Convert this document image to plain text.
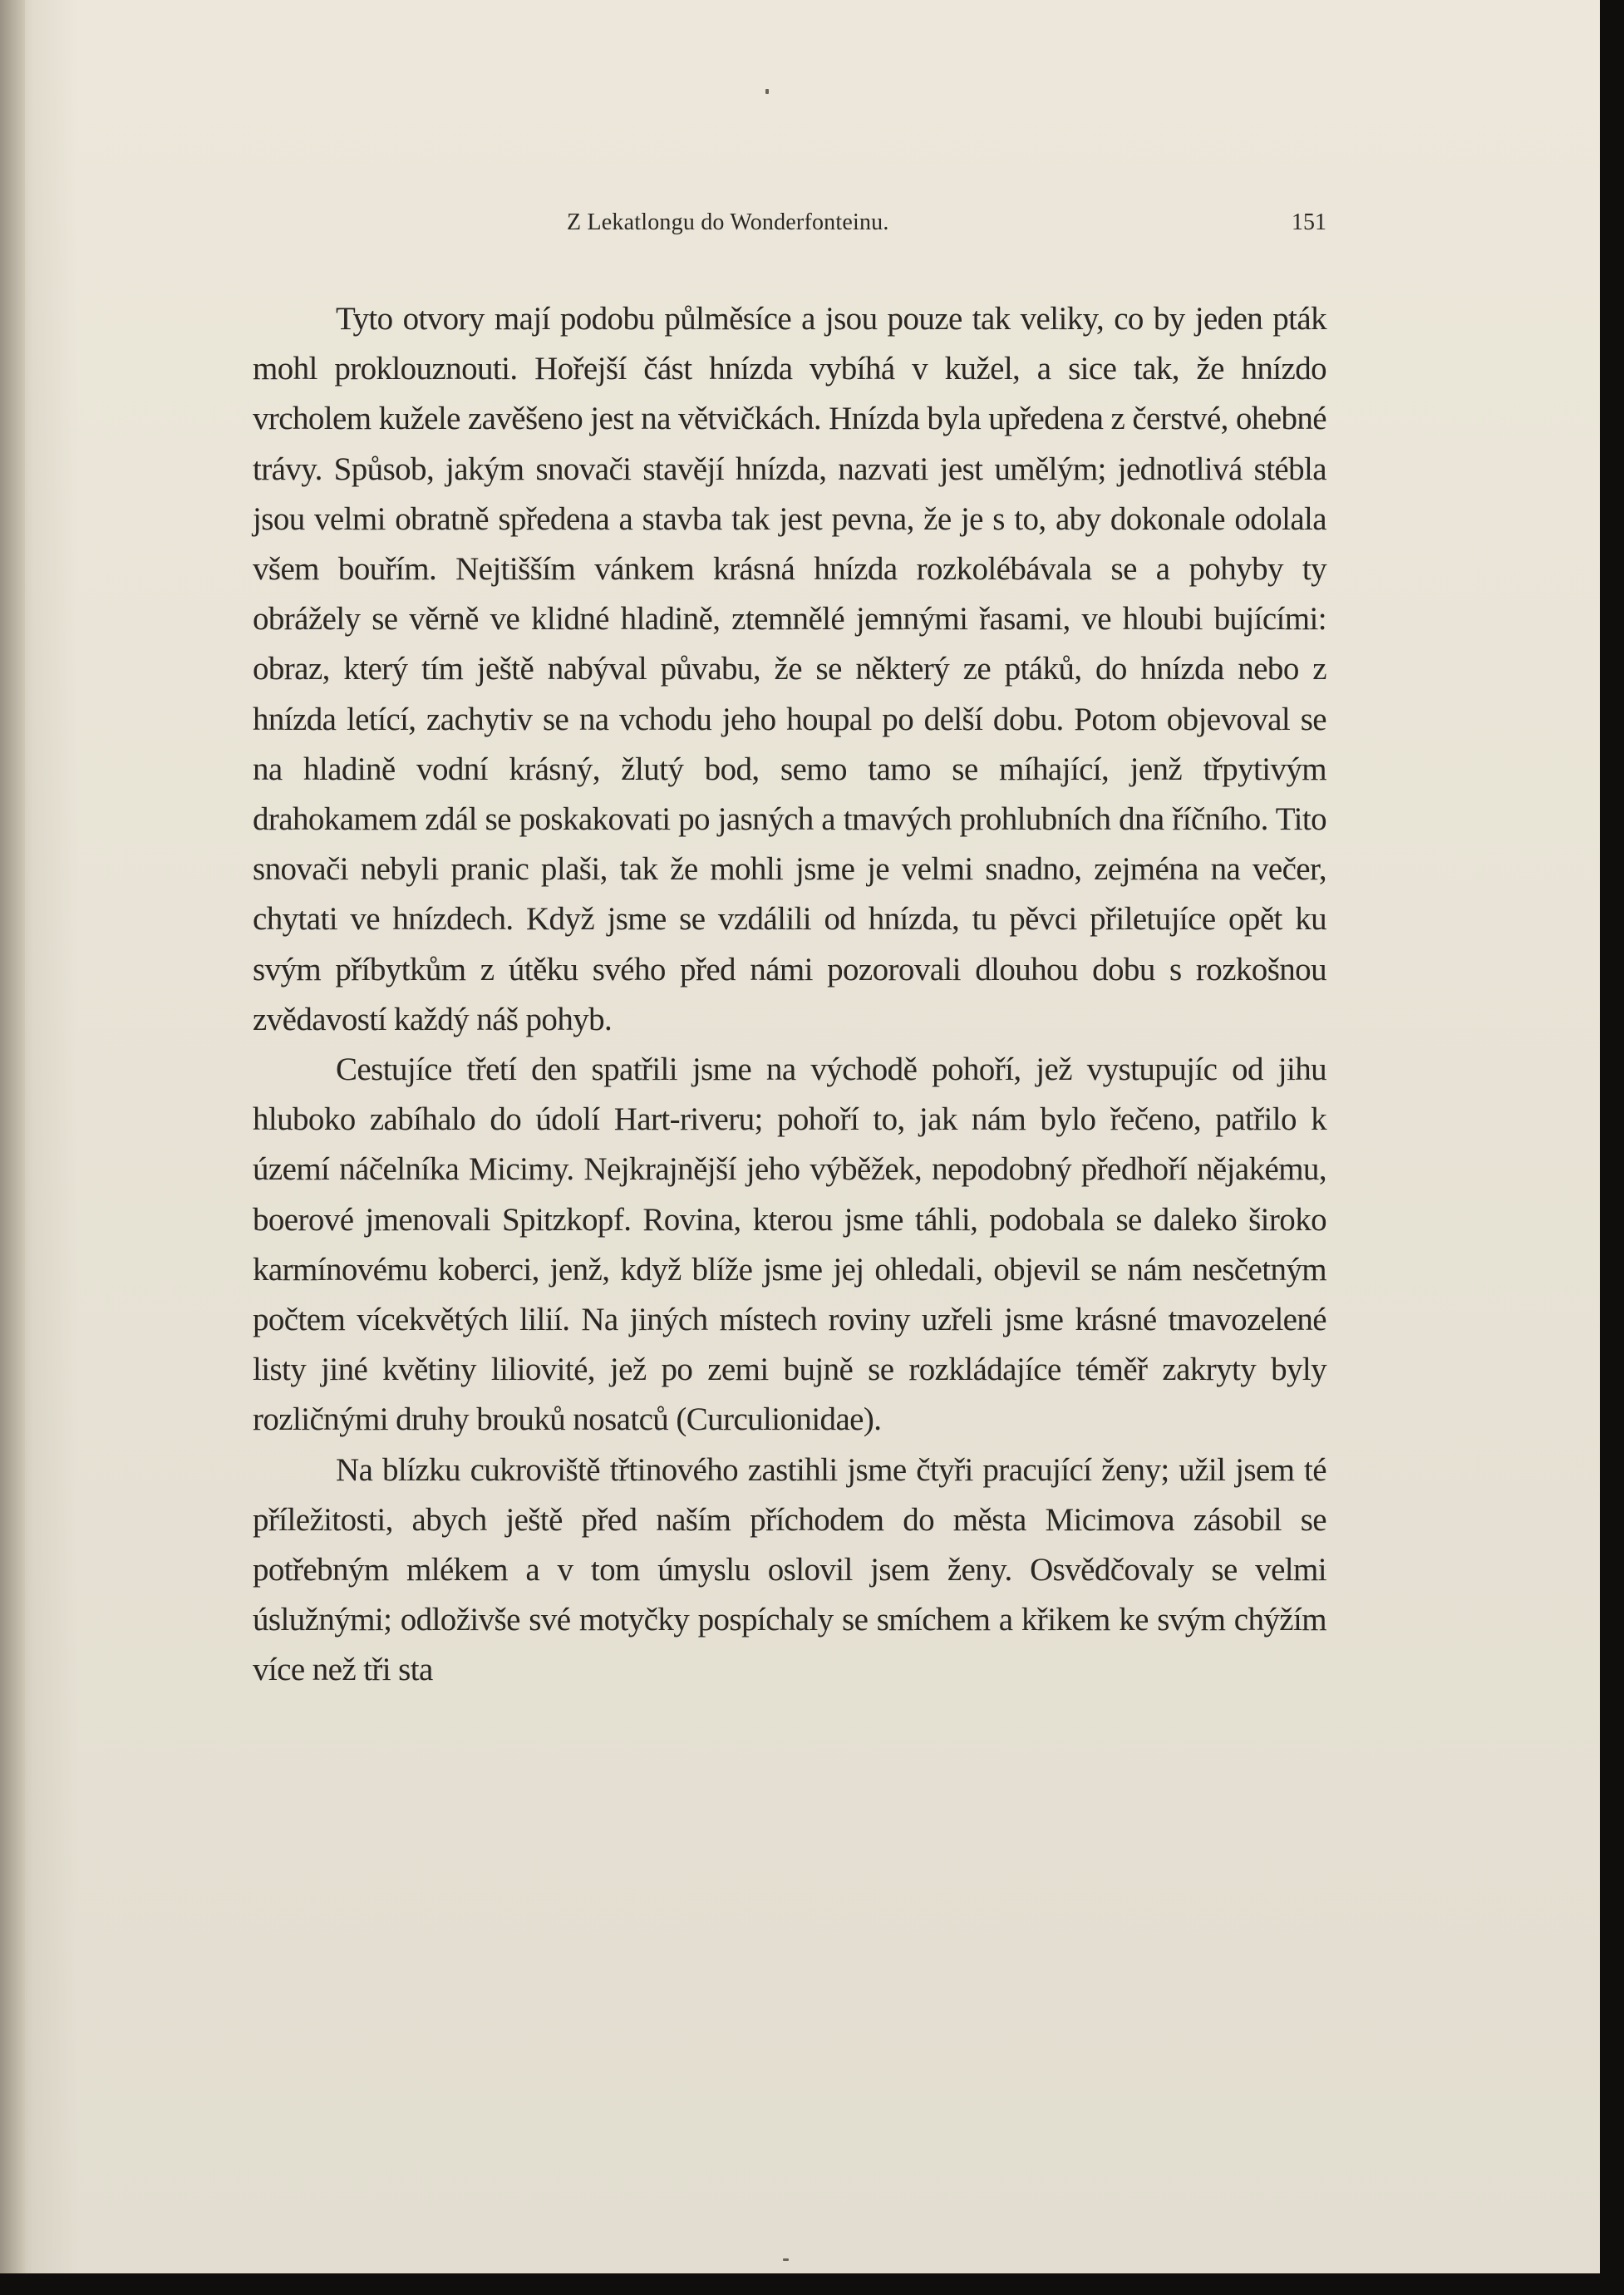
Z Lekatlongu do Wonderfonteinu.	151

Tyto otvory mají podobu půlměsíce a jsou pouze tak veliky, co by jeden pták mohl proklouznouti. Hořejší část hnízda vybíhá v kužel, a sice tak, že hnízdo vrcholem kužele zavěšeno jest na větvičkách. Hnízda byla upředena z čerstvé, ohebné trávy. Spůsob, jakým snovači stavějí hnízda, nazvati jest umělým; jednotlivá stébla jsou velmi obratně spředena a stavba tak jest pevna, že je s to, aby dokonale odolala všem bouřím. Nejtišším vánkem krásná hnízda rozkolébávala se a pohyby ty obrážely se věrně ve klidné hladině, ztemnělé jemnými řasami, ve hloubi bujícími: obraz, který tím ještě nabýval půvabu, že se některý ze ptáků, do hnízda nebo z hnízda letící, zachytiv se na vchodu jeho houpal po delší dobu. Potom objevoval se na hladině vodní krásný, žlutý bod, semo tamo se míhající, jenž třpytivým drahokamem zdál se poskakovati po jasných a tmavých prohlubních dna říčního. Tito snovači nebyli pranic plaši, tak že mohli jsme je velmi snadno, zejména na večer, chytati ve hnízdech. Když jsme se vzdálili od hnízda, tu pěvci přiletujíce opět ku svým příbytkům z útěku svého před námi pozorovali dlouhou dobu s rozkošnou zvědavostí každý náš pohyb.

Cestujíce třetí den spatřili jsme na východě pohoří, jež vystupujíc od jihu hluboko zabíhalo do údolí Hart-riveru; pohoří to, jak nám bylo řečeno, patřilo k území náčelníka Micimy. Nejkrajnější jeho výběžek, nepodobný předhoří nějakému, boerové jmenovali Spitzkopf. Rovina, kterou jsme táhli, podobala se daleko široko karmínovému koberci, jenž, když blíže jsme jej ohledali, objevil se nám nesčetným počtem vícekvětých lilií. Na jiných místech roviny uzřeli jsme krásné tmavozelené listy jiné květiny liliovité, jež po zemi bujně se rozkládajíce téměř zakryty byly rozličnými druhy brouků nosatců (Curculionidae).

Na blízku cukroviště třtinového zastihli jsme čtyři pracující ženy; užil jsem té příležitosti, abych ještě před naším příchodem do města Micimova zásobil se potřebným mlékem a v tom úmyslu oslovil jsem ženy. Osvědčovaly se velmi úslužnými; odloživše své motyčky pospíchaly se smíchem a křikem ke svým chýžím více než tři sta
